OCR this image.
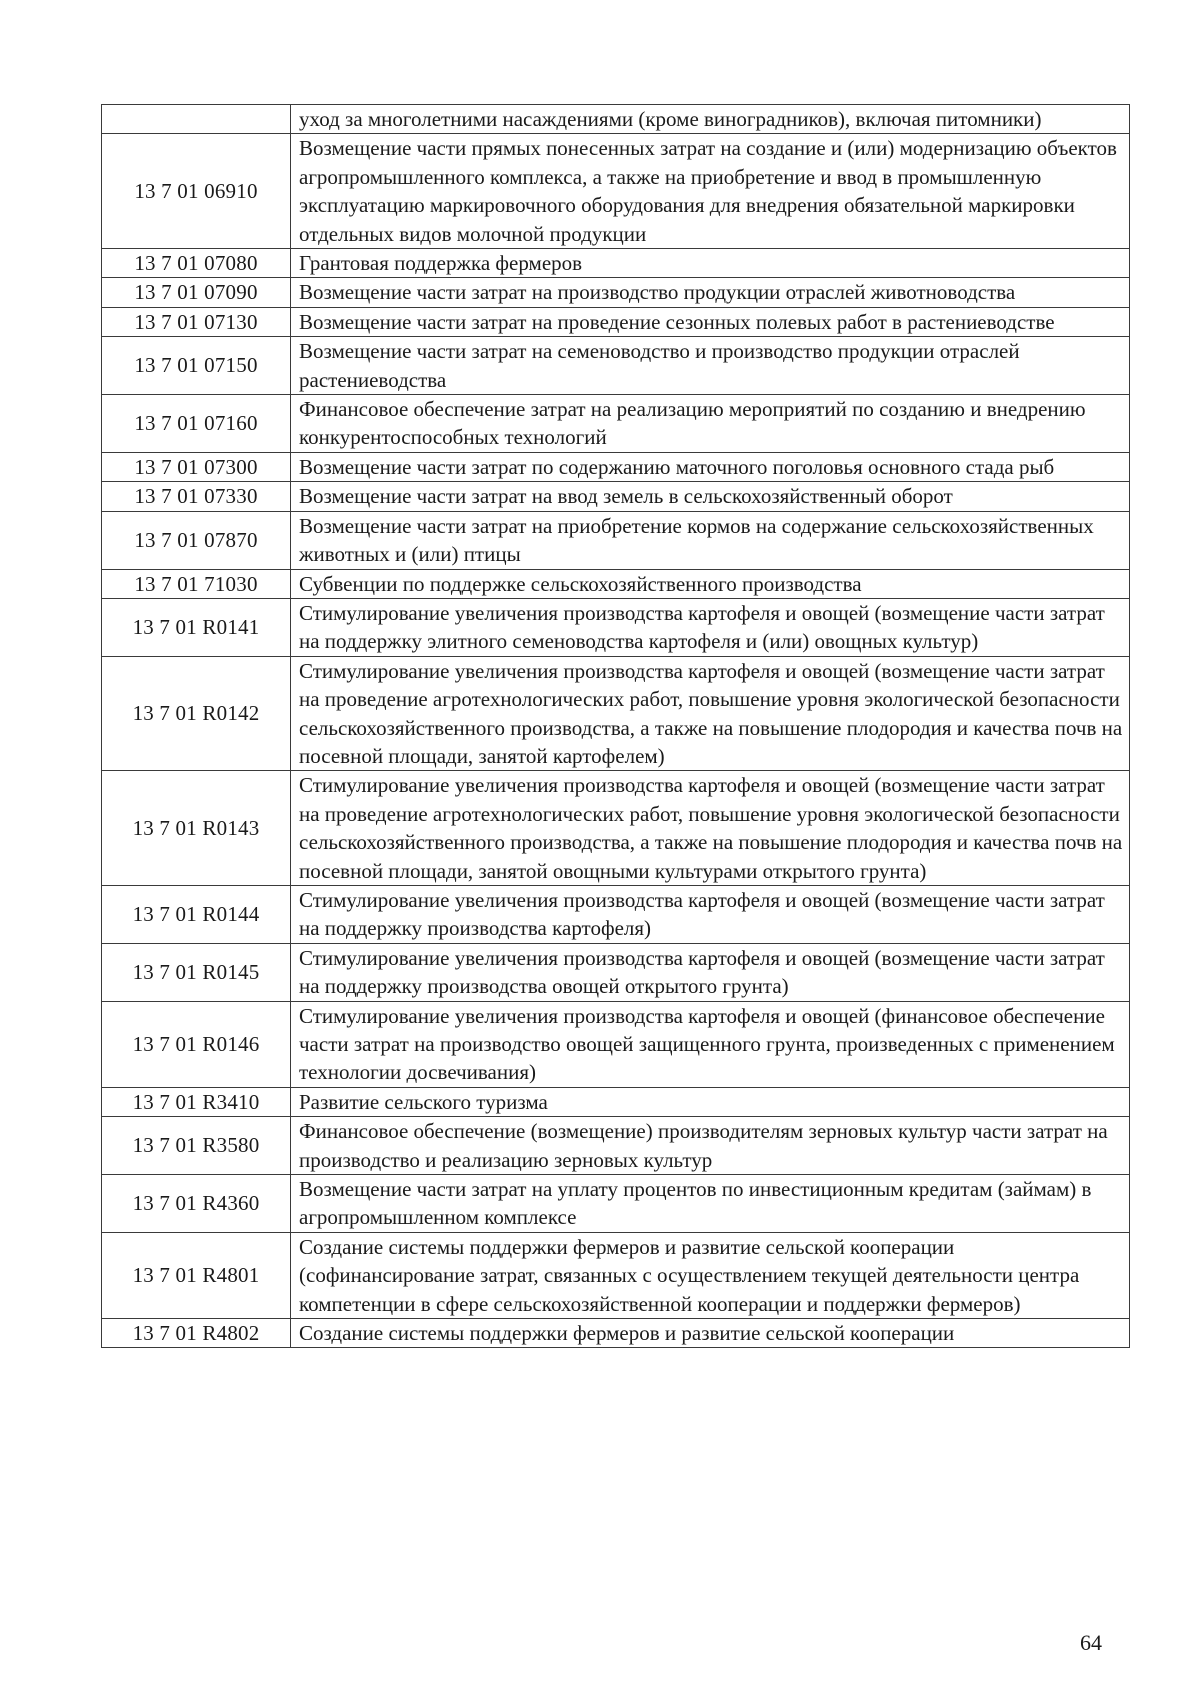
	уход за многолетними насаждениями (кроме виноградников), включая питомники)
13 7 01 06910	Возмещение части прямых понесенных затрат на создание и (или) модернизацию объектов агропромышленного комплекса, а также на приобретение и ввод в промышленную эксплуатацию маркировочного оборудования для внедрения обязательной маркировки отдельных видов молочной продукции
13 7 01 07080	Грантовая поддержка фермеров
13 7 01 07090	Возмещение части затрат на производство продукции отраслей животноводства
13 7 01 07130	Возмещение части затрат на проведение сезонных полевых работ в растениеводстве
13 7 01 07150	Возмещение части затрат на семеноводство и производство продукции отраслей растениеводства
13 7 01 07160	Финансовое обеспечение затрат на реализацию мероприятий по созданию и внедрению конкурентоспособных технологий
13 7 01 07300	Возмещение части затрат по содержанию маточного поголовья основного стада рыб
13 7 01 07330	Возмещение части затрат на ввод земель в сельскохозяйственный оборот
13 7 01 07870	Возмещение части затрат на приобретение кормов на содержание сельскохозяйственных животных и (или) птицы
13 7 01 71030	Субвенции по поддержке сельскохозяйственного производства
13 7 01 R0141	Стимулирование увеличения производства картофеля и овощей (возмещение части затрат на поддержку элитного семеноводства картофеля и (или) овощных культур)
13 7 01 R0142	Стимулирование увеличения производства картофеля и овощей (возмещение части затрат на проведение агротехнологических работ, повышение уровня экологической безопасности сельскохозяйственного производства, а также на повышение плодородия и качества почв на посевной площади, занятой картофелем)
13 7 01 R0143	Стимулирование увеличения производства картофеля и овощей (возмещение части затрат на проведение агротехнологических работ, повышение уровня экологической безопасности сельскохозяйственного производства, а также на повышение плодородия и качества почв на посевной площади, занятой овощными культурами открытого грунта)
13 7 01 R0144	Стимулирование увеличения производства картофеля и овощей (возмещение части затрат на поддержку производства картофеля)
13 7 01 R0145	Стимулирование увеличения производства картофеля и овощей (возмещение части затрат на поддержку производства овощей открытого грунта)
13 7 01 R0146	Стимулирование увеличения производства картофеля и овощей (финансовое обеспечение части затрат на производство овощей защищенного грунта, произведенных с применением технологии досвечивания)
13 7 01 R3410	Развитие сельского туризма
13 7 01 R3580	Финансовое обеспечение (возмещение) производителям зерновых культур части затрат на производство и реализацию зерновых культур
13 7 01 R4360	Возмещение части затрат на уплату процентов по инвестиционным кредитам (займам) в агропромышленном комплексе
13 7 01 R4801	Создание системы поддержки фермеров и развитие сельской кооперации (софинансирование затрат, связанных с осуществлением текущей деятельности центра компетенции в сфере сельскохозяйственной кооперации и поддержки фермеров)
13 7 01 R4802	Создание системы поддержки фермеров и развитие сельской кооперации
64
